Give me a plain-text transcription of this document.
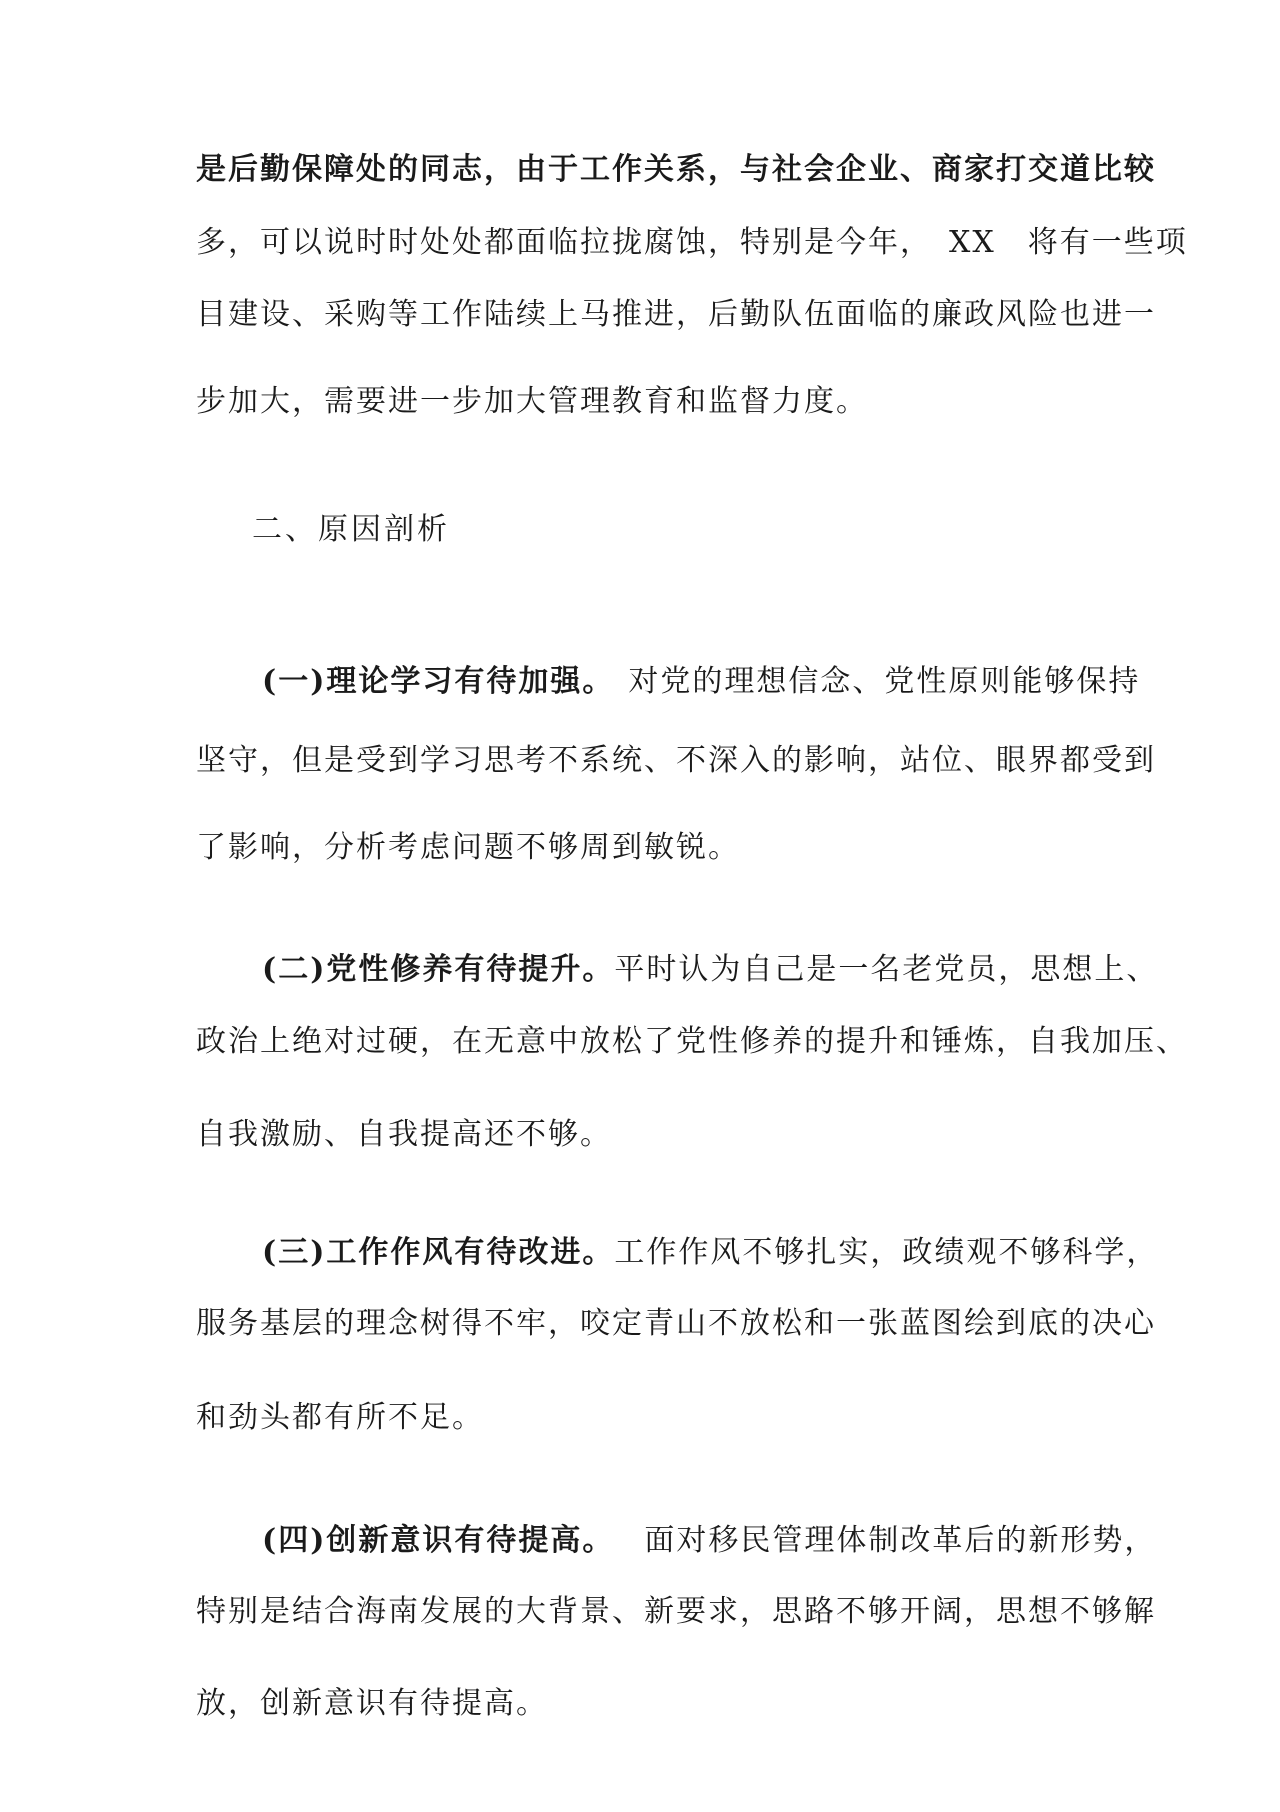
是后勤保障处的同志，由于工作关系，与社会企业、商家打交道比较
多，可以说时时处处都面临拉拢腐蚀，特别是今年，　XX　将有一些项
目建设、采购等工作陆续上马推进，后勤队伍面临的廉政风险也进一
步加大，需要进一步加大管理教育和监督力度。
二、原因剖析
(一)理论学习有待加强。 对党的理想信念、党性原则能够保持
坚守，但是受到学习思考不系统、不深入的影响，站位、眼界都受到
了影响，分析考虑问题不够周到敏锐。
(二)党性修养有待提升。平时认为自己是一名老党员，思想上、
政治上绝对过硬，在无意中放松了党性修养的提升和锤炼，自我加压、
自我激励、自我提高还不够。
(三)工作作风有待改进。工作作风不够扎实，政绩观不够科学，
服务基层的理念树得不牢，咬定青山不放松和一张蓝图绘到底的决心
和劲头都有所不足。
(四)创新意识有待提高。 面对移民管理体制改革后的新形势，
特别是结合海南发展的大背景、新要求，思路不够开阔，思想不够解
放，创新意识有待提高。
